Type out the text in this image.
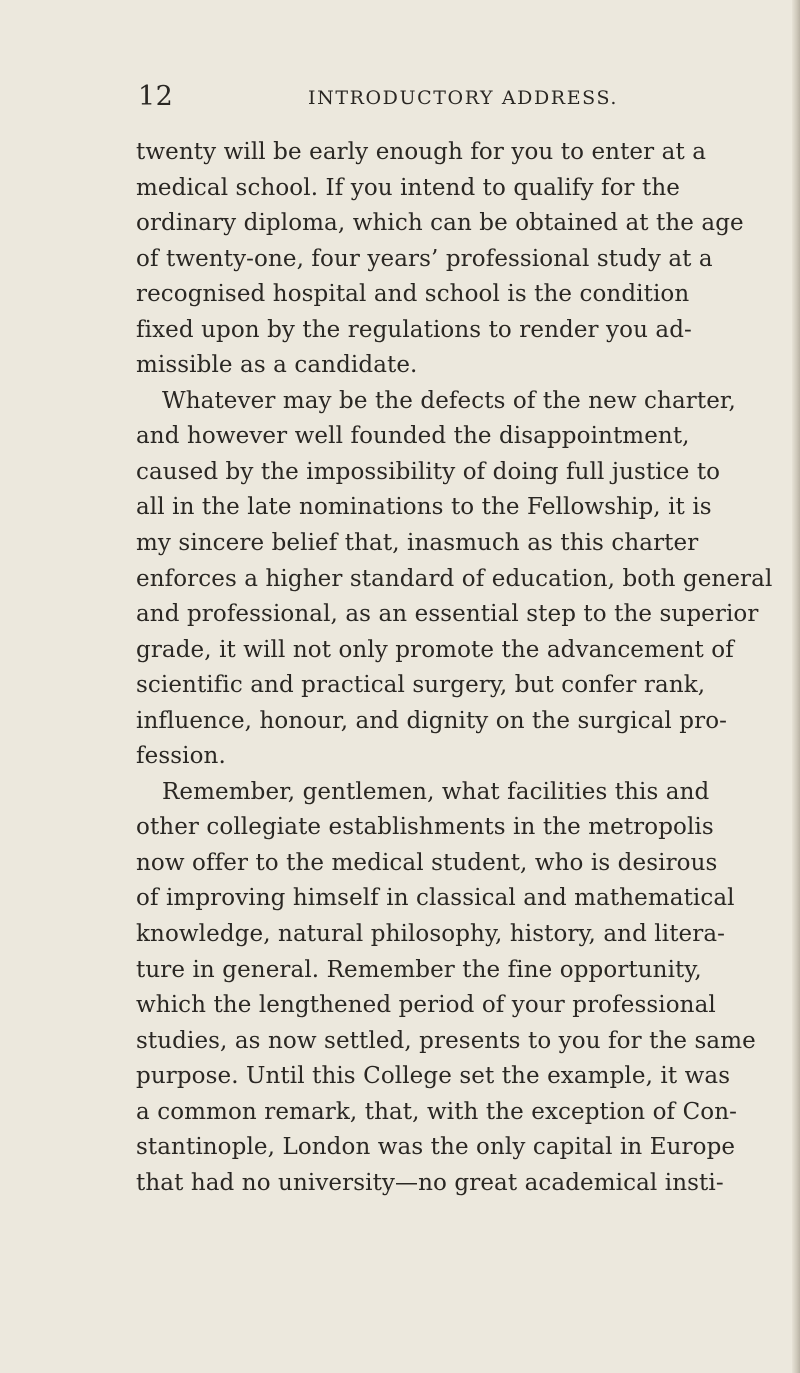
12	INTRODUCTORY ADDRESS.
twenty will be early enough for you to enter at a
medical school. If you intend to qualify for the
ordinary diploma, which can be obtained at the age
of twenty-one, four years’ professional study at a
recognised hospital and school is the condition
fixed upon by the regulations to render you ad-
missible as a candidate.
Whatever may be the defects of the new charter,
and however well founded the disappointment,
caused by the impossibility of doing full justice to
all in the late nominations to the Fellowship, it is
my sincere belief that, inasmuch as this charter
enforces a higher standard of education, both general
and professional, as an essential step to the superior
grade, it will not only promote the advancement of
scientific and practical surgery, but confer rank,
influence, honour, and dignity on the surgical pro-
fession.
Remember, gentlemen, what facilities this and
other collegiate establishments in the metropolis
now offer to the medical student, who is desirous
of improving himself in classical and mathematical
knowledge, natural philosophy, history, and litera-
ture in general. Remember the fine opportunity,
which the lengthened period of your professional
studies, as now settled, presents to you for the same
purpose. Until this College set the example, it was
a common remark, that, with the exception of Con-
stantinople, London was the only capital in Europe
that had no university—no great academical insti-
